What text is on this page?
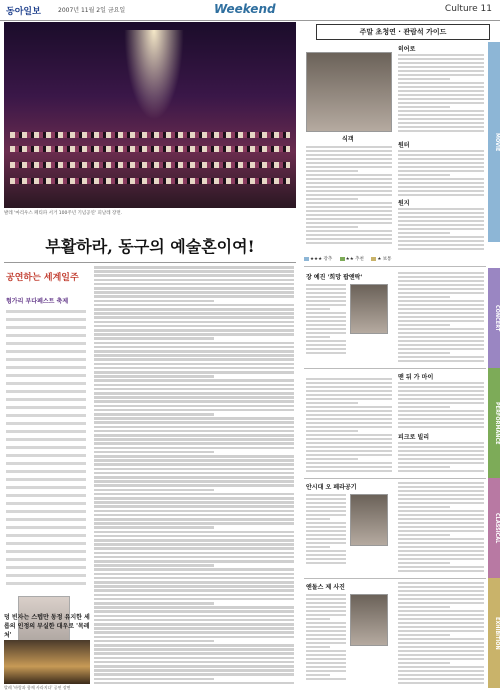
동아일보	2007년 11월 2일 금요일	Weekend	Culture 11
발레 '마리우스 페티파 서거 100주년 기념공연' 피날레 장면.
부활하라, 동구의 예술혼이여!
공연하는 세계일주
헝가리 부다페스트 축제
덩 빈자는 스텝만 동정 유지한 세롭의 인정의 부실한 대우로 '목레처'
발레 '바람과 함께 사라지다' 공연 장면
주말 초청연 · 관람석 가이드
MOVIE
CONCERT
PERFORMANCE
CLASSICAL
EXHIBITION
히어로
식객
원터
원지
★★★ 강추	★★ 추천	★ 보통
장 예진 '희망 팝앤락'
맨 뒤 가 마이
피크로 빌리
안시대 오 페라공기
앤돌스 제 사진
